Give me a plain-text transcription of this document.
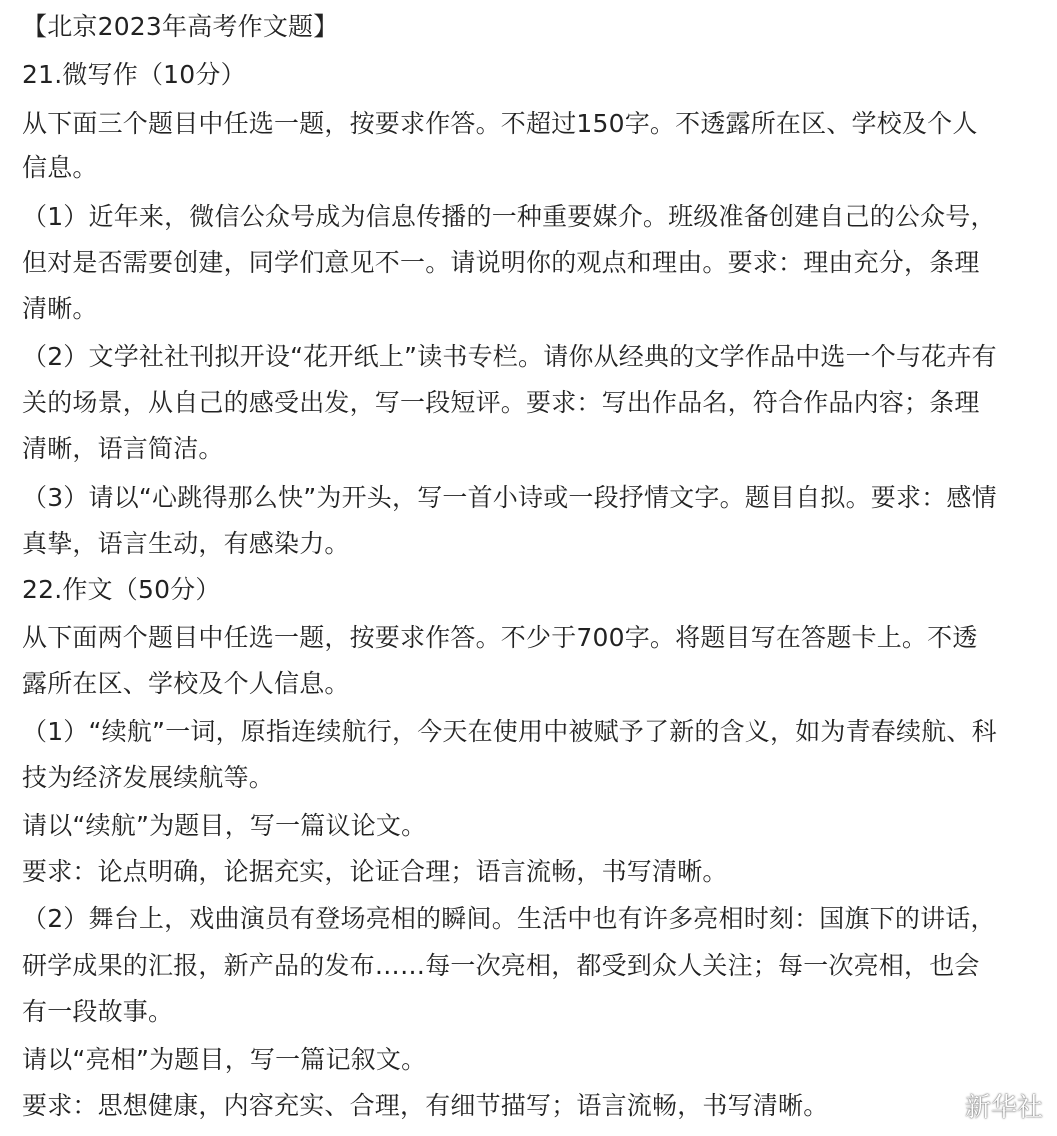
【北京2023年高考作文题】
21.微写作（10分）
从下面三个题目中任选一题，按要求作答。不超过150字。不透露所在区、学校及个人
信息。
（1）近年来，微信公众号成为信息传播的一种重要媒介。班级准备创建自己的公众号，
但对是否需要创建，同学们意见不一。请说明你的观点和理由。要求：理由充分，条理
清晰。
（2）文学社社刊拟开设“花开纸上”读书专栏。请你从经典的文学作品中选一个与花卉有
关的场景，从自己的感受出发，写一段短评。要求：写出作品名，符合作品内容；条理
清晰，语言简洁。
（3）请以“心跳得那么快”为开头，写一首小诗或一段抒情文字。题目自拟。要求：感情
真挚，语言生动，有感染力。
22.作文（50分）
从下面两个题目中任选一题，按要求作答。不少于700字。将题目写在答题卡上。不透
露所在区、学校及个人信息。
（1）“续航”一词，原指连续航行，今天在使用中被赋予了新的含义，如为青春续航、科
技为经济发展续航等。
请以“续航”为题目，写一篇议论文。
要求：论点明确，论据充实，论证合理；语言流畅，书写清晰。
（2）舞台上，戏曲演员有登场亮相的瞬间。生活中也有许多亮相时刻：国旗下的讲话，
研学成果的汇报，新产品的发布……每一次亮相，都受到众人关注；每一次亮相，也会
有一段故事。
请以“亮相”为题目，写一篇记叙文。
要求：思想健康，内容充实、合理，有细节描写；语言流畅，书写清晰。	新华社
